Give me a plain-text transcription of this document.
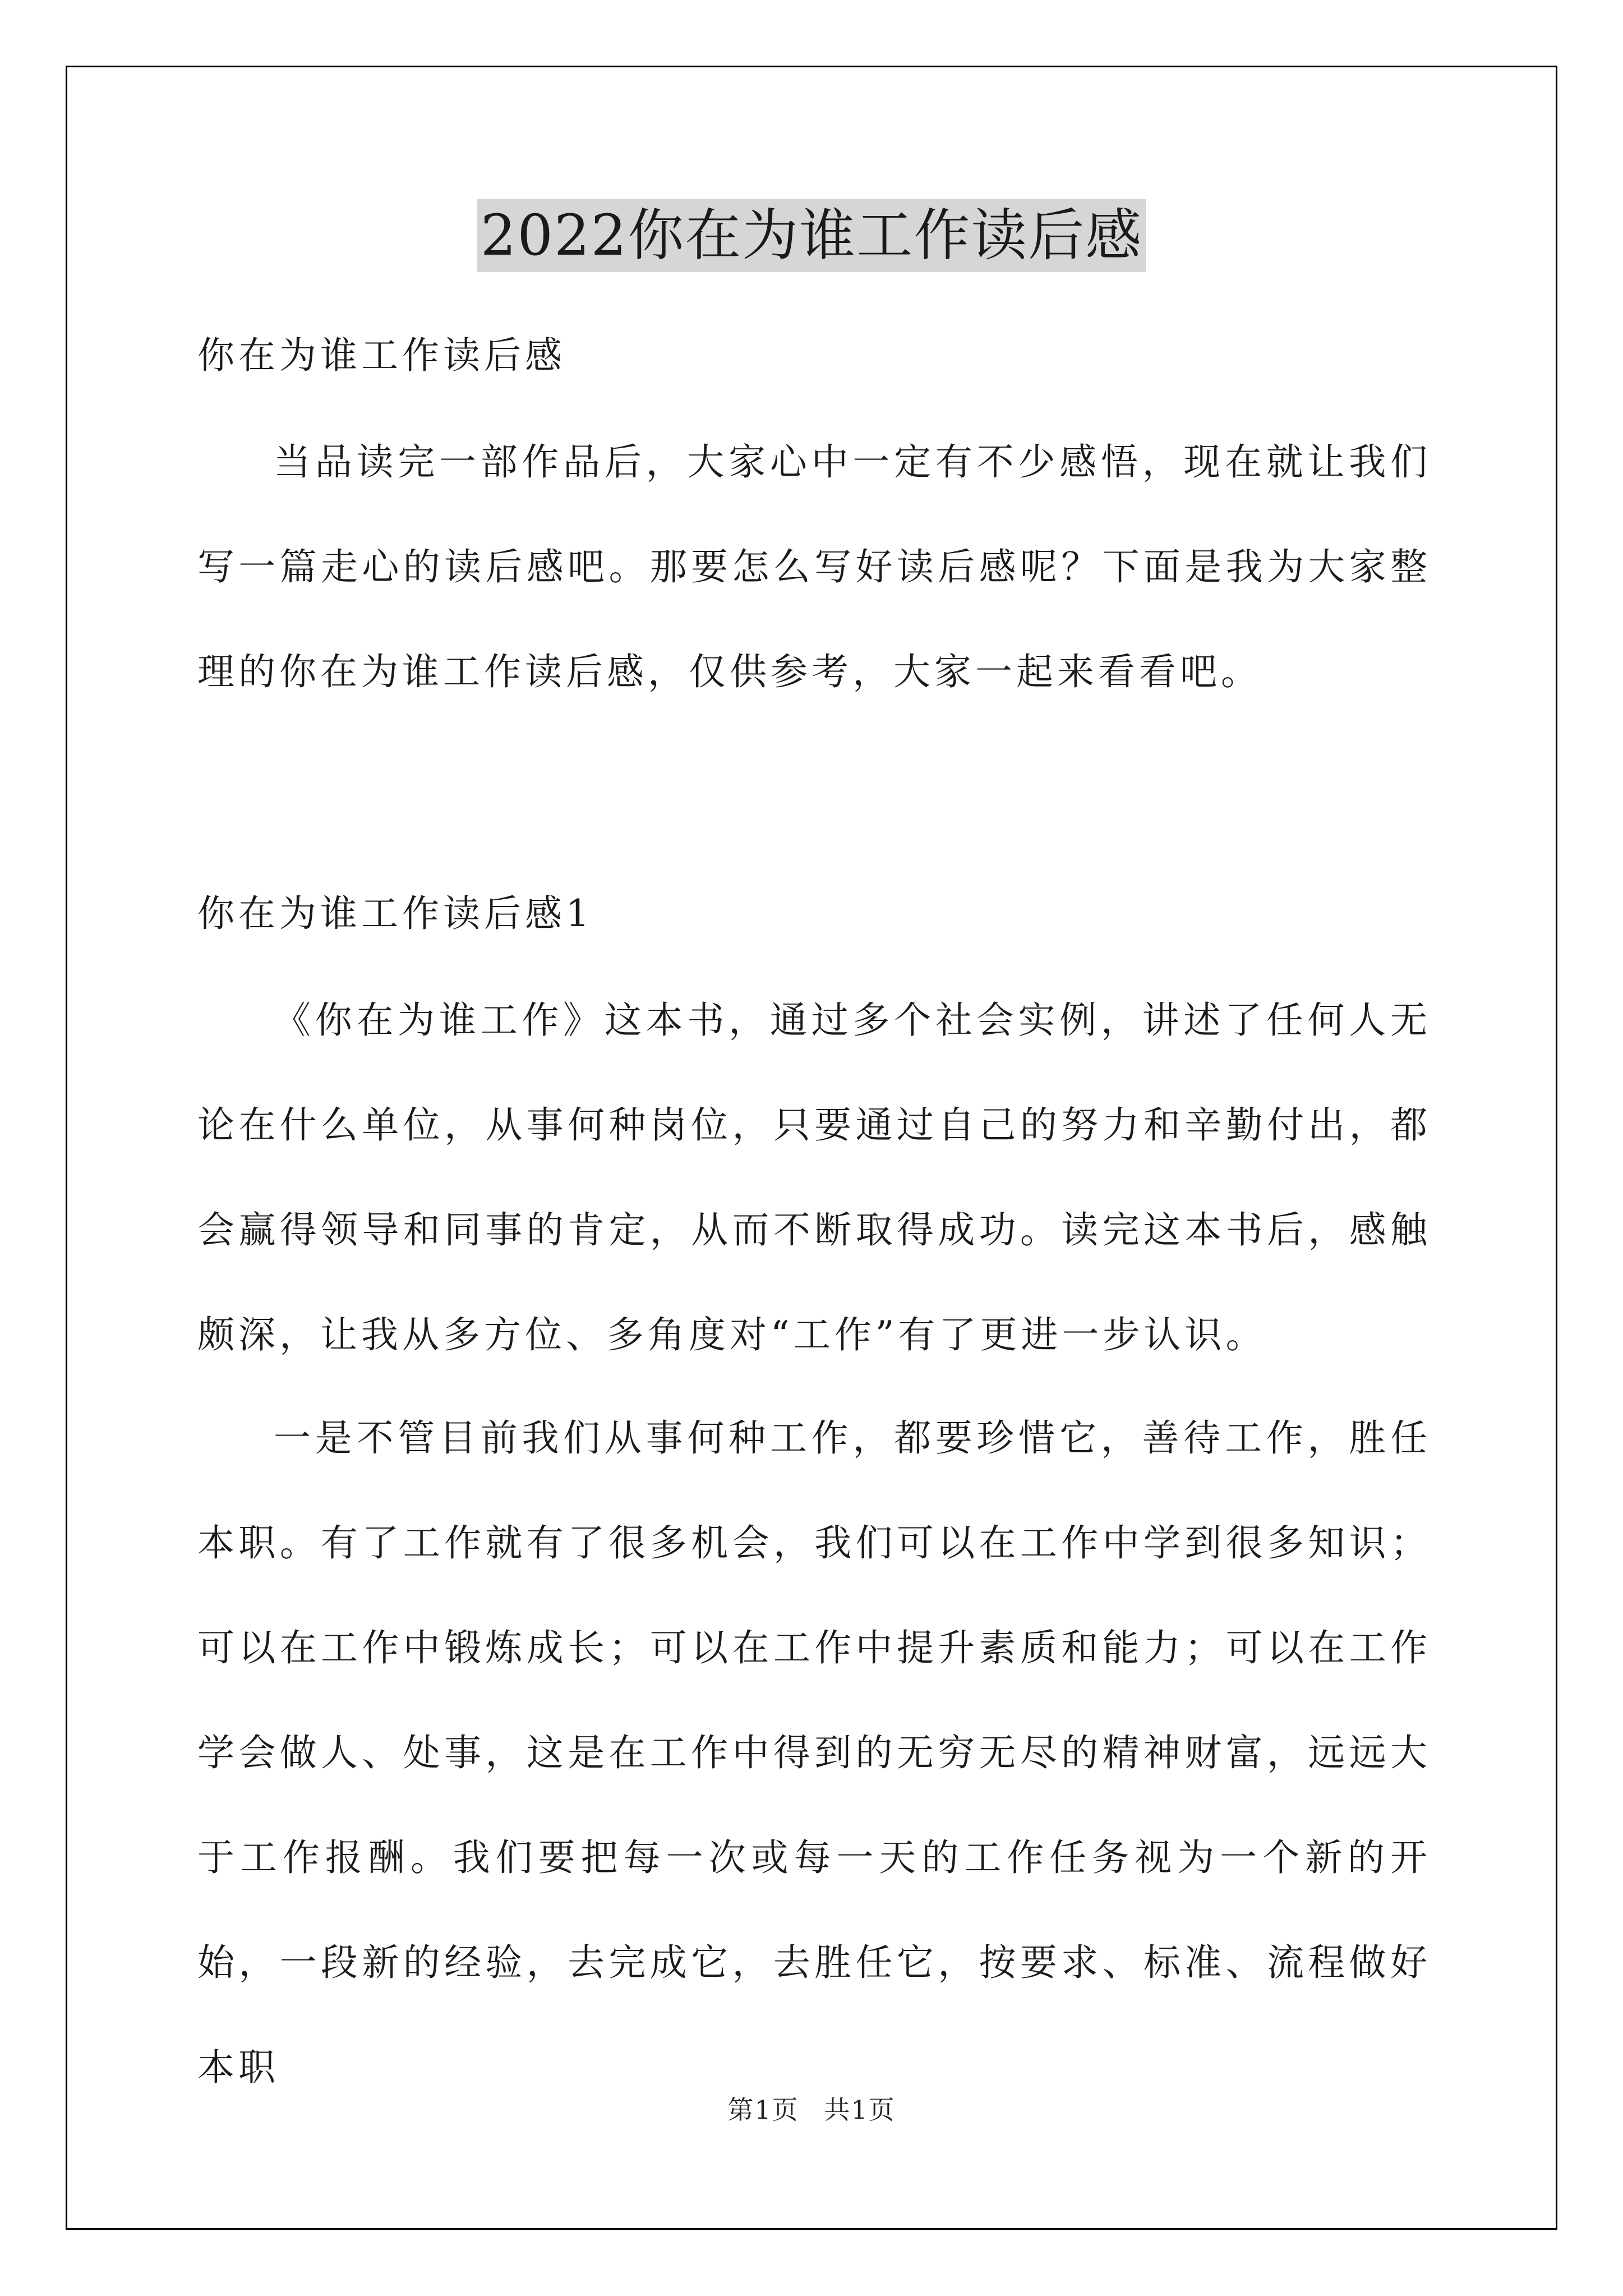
2022你在为谁工作读后感

你在为谁工作读后感

当品读完一部作品后，大家心中一定有不少感悟，现在就让我们写一篇走心的读后感吧。那要怎么写好读后感呢？下面是我为大家整理的你在为谁工作读后感，仅供参考，大家一起来看看吧。

你在为谁工作读后感1

《你在为谁工作》这本书，通过多个社会实例，讲述了任何人无论在什么单位，从事何种岗位，只要通过自己的努力和辛勤付出，都会赢得领导和同事的肯定，从而不断取得成功。读完这本书后，感触颇深，让我从多方位、多角度对“工作”有了更进一步认识。

一是不管目前我们从事何种工作，都要珍惜它，善待工作，胜任本职。有了工作就有了很多机会，我们可以在工作中学到很多知识；可以在工作中锻炼成长；可以在工作中提升素质和能力；可以在工作学会做人、处事，这是在工作中得到的无穷无尽的精神财富，远远大于工作报酬。我们要把每一次或每一天的工作任务视为一个新的开始，一段新的经验，去完成它，去胜任它，按要求、标准、流程做好本职

第1页 共1页
